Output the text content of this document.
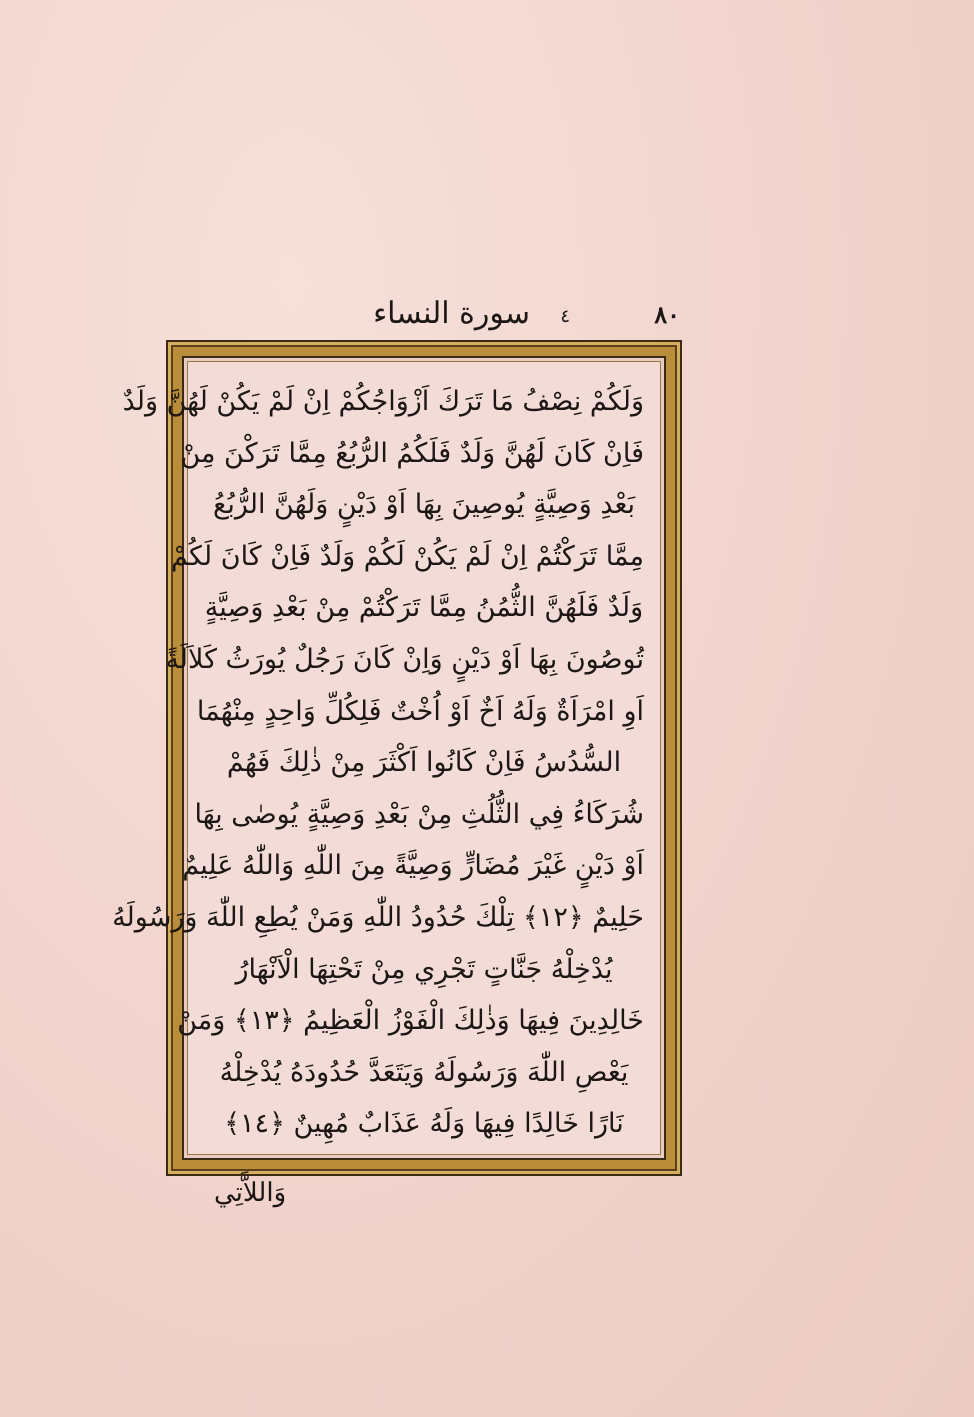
٨٠
سورة النساء ٤
وَلَكُمْ نِصْفُ مَا تَرَكَ اَزْوَاجُكُمْ اِنْ لَمْ يَكُنْ لَهُنَّ وَلَدٌ
فَاِنْ كَانَ لَهُنَّ وَلَدٌ فَلَكُمُ الرُّبُعُ مِمَّا تَرَكْنَ مِنْ
بَعْدِ وَصِيَّةٍ يُوصِينَ بِهَا اَوْ دَيْنٍ وَلَهُنَّ الرُّبُعُ
مِمَّا تَرَكْتُمْ اِنْ لَمْ يَكُنْ لَكُمْ وَلَدٌ فَاِنْ كَانَ لَكُمْ
وَلَدٌ فَلَهُنَّ الثُّمُنُ مِمَّا تَرَكْتُمْ مِنْ بَعْدِ وَصِيَّةٍ
تُوصُونَ بِهَا اَوْ دَيْنٍ وَاِنْ كَانَ رَجُلٌ يُورَثُ كَلاَلَةً
اَوِ امْرَاَةٌ وَلَهُ اَخٌ اَوْ اُخْتٌ فَلِكُلِّ وَاحِدٍ مِنْهُمَا
السُّدُسُ فَاِنْ كَانُوا اَكْثَرَ مِنْ ذٰلِكَ فَهُمْ
شُرَكَاءُ فِي الثُّلُثِ مِنْ بَعْدِ وَصِيَّةٍ يُوصٰى بِهَا
اَوْ دَيْنٍ غَيْرَ مُضَارٍّ وَصِيَّةً مِنَ اللّٰهِ وَاللّٰهُ عَلِيمٌ
حَلِيمٌ ﴿١٢﴾ تِلْكَ حُدُودُ اللّٰهِ وَمَنْ يُطِعِ اللّٰهَ وَرَسُولَهُ
يُدْخِلْهُ جَنَّاتٍ تَجْرِي مِنْ تَحْتِهَا الْاَنْهَارُ
خَالِدِينَ فِيهَا وَذٰلِكَ الْفَوْزُ الْعَظِيمُ ﴿١٣﴾ وَمَنْ
يَعْصِ اللّٰهَ وَرَسُولَهُ وَيَتَعَدَّ حُدُودَهُ يُدْخِلْهُ
نَارًا خَالِدًا فِيهَا وَلَهُ عَذَابٌ مُهِينٌ ﴿١٤﴾
وَاللاَّتِي
